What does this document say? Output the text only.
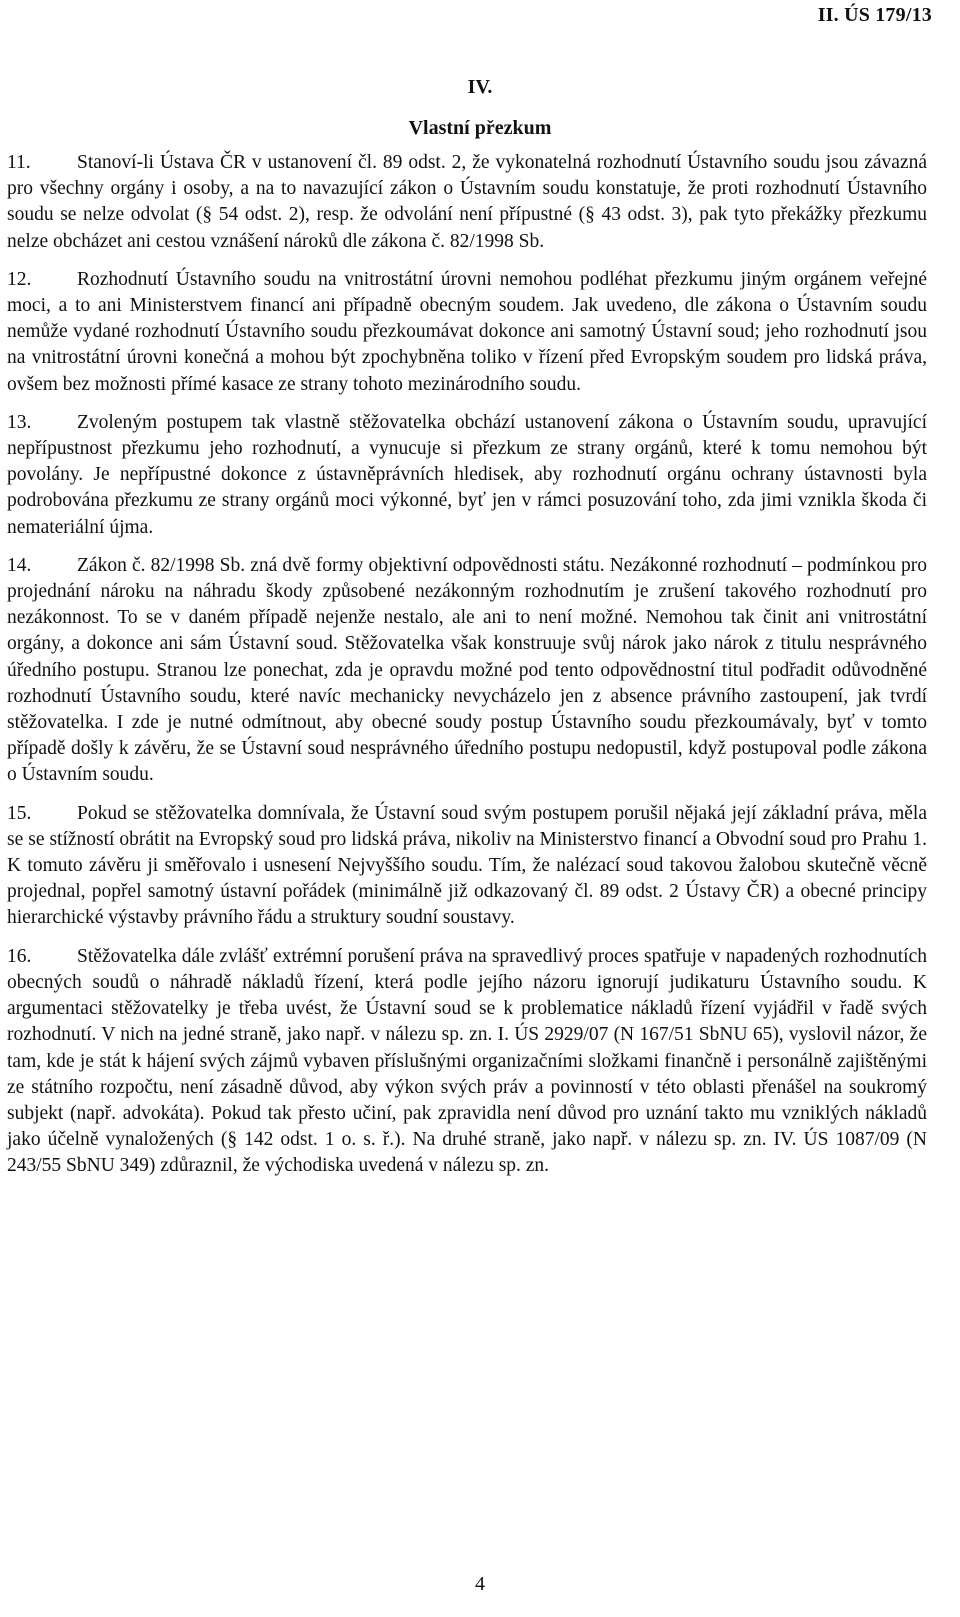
II. ÚS 179/13
IV.
Vlastní přezkum

11. Stanoví-li Ústava ČR v ustanovení čl. 89 odst. 2, že vykonatelná rozhodnutí Ústavního soudu jsou závazná pro všechny orgány i osoby, a na to navazující zákon o Ústavním soudu konstatuje, že proti rozhodnutí Ústavního soudu se nelze odvolat (§ 54 odst. 2), resp. že odvolání není přípustné (§ 43 odst. 3), pak tyto překážky přezkumu nelze obcházet ani cestou vznášení nároků dle zákona č. 82/1998 Sb.

12. Rozhodnutí Ústavního soudu na vnitrostátní úrovni nemohou podléhat přezkumu jiným orgánem veřejné moci, a to ani Ministerstvem financí ani případně obecným soudem. Jak uvedeno, dle zákona o Ústavním soudu nemůže vydané rozhodnutí Ústavního soudu přezkoumávat dokonce ani samotný Ústavní soud; jeho rozhodnutí jsou na vnitrostátní úrovni konečná a mohou být zpochybněna toliko v řízení před Evropským soudem pro lidská práva, ovšem bez možnosti přímé kasace ze strany tohoto mezinárodního soudu.

13. Zvoleným postupem tak vlastně stěžovatelka obchází ustanovení zákona o Ústavním soudu, upravující nepřípustnost přezkumu jeho rozhodnutí, a vynucuje si přezkum ze strany orgánů, které k tomu nemohou být povolány. Je nepřípustné dokonce z ústavněprávních hledisek, aby rozhodnutí orgánu ochrany ústavnosti byla podrobována přezkumu ze strany orgánů moci výkonné, byť jen v rámci posuzování toho, zda jimi vznikla škoda či nemateriální újma.

14. Zákon č. 82/1998 Sb. zná dvě formy objektivní odpovědnosti státu. Nezákonné rozhodnutí – podmínkou pro projednání nároku na náhradu škody způsobené nezákonným rozhodnutím je zrušení takového rozhodnutí pro nezákonnost. To se v daném případě nejenže nestalo, ale ani to není možné. Nemohou tak činit ani vnitrostátní orgány, a dokonce ani sám Ústavní soud. Stěžovatelka však konstruuje svůj nárok jako nárok z titulu nesprávného úředního postupu. Stranou lze ponechat, zda je opravdu možné pod tento odpovědnostní titul podřadit odůvodněné rozhodnutí Ústavního soudu, které navíc mechanicky nevycházelo jen z absence právního zastoupení, jak tvrdí stěžovatelka. I zde je nutné odmítnout, aby obecné soudy postup Ústavního soudu přezkoumávaly, byť v tomto případě došly k závěru, že se Ústavní soud nesprávného úředního postupu nedopustil, když postupoval podle zákona o Ústavním soudu.

15. Pokud se stěžovatelka domnívala, že Ústavní soud svým postupem porušil nějaká její základní práva, měla se se stížností obrátit na Evropský soud pro lidská práva, nikoliv na Ministerstvo financí a Obvodní soud pro Prahu 1. K tomuto závěru ji směřovalo i usnesení Nejvyššího soudu. Tím, že nalézací soud takovou žalobou skutečně věcně projednal, popřel samotný ústavní pořádek (minimálně již odkazovaný čl. 89 odst. 2 Ústavy ČR) a obecné principy hierarchické výstavby právního řádu a struktury soudní soustavy.

16. Stěžovatelka dále zvlášť extrémní porušení práva na spravedlivý proces spatřuje v napadených rozhodnutích obecných soudů o náhradě nákladů řízení, která podle jejího názoru ignorují judikaturu Ústavního soudu. K argumentaci stěžovatelky je třeba uvést, že Ústavní soud se k problematice nákladů řízení vyjádřil v řadě svých rozhodnutí. V nich na jedné straně, jako např. v nálezu sp. zn. I. ÚS 2929/07 (N 167/51 SbNU 65), vyslovil názor, že tam, kde je stát k hájení svých zájmů vybaven příslušnými organizačními složkami finančně i personálně zajištěnými ze státního rozpočtu, není zásadně důvod, aby výkon svých práv a povinností v této oblasti přenášel na soukromý subjekt (např. advokáta). Pokud tak přesto učiní, pak zpravidla není důvod pro uznání takto mu vzniklých nákladů jako účelně vynaložených (§ 142 odst. 1 o. s. ř.). Na druhé straně, jako např. v nálezu sp. zn. IV. ÚS 1087/09 (N 243/55 SbNU 349) zdůraznil, že východiska uvedená v nálezu sp. zn.

4
